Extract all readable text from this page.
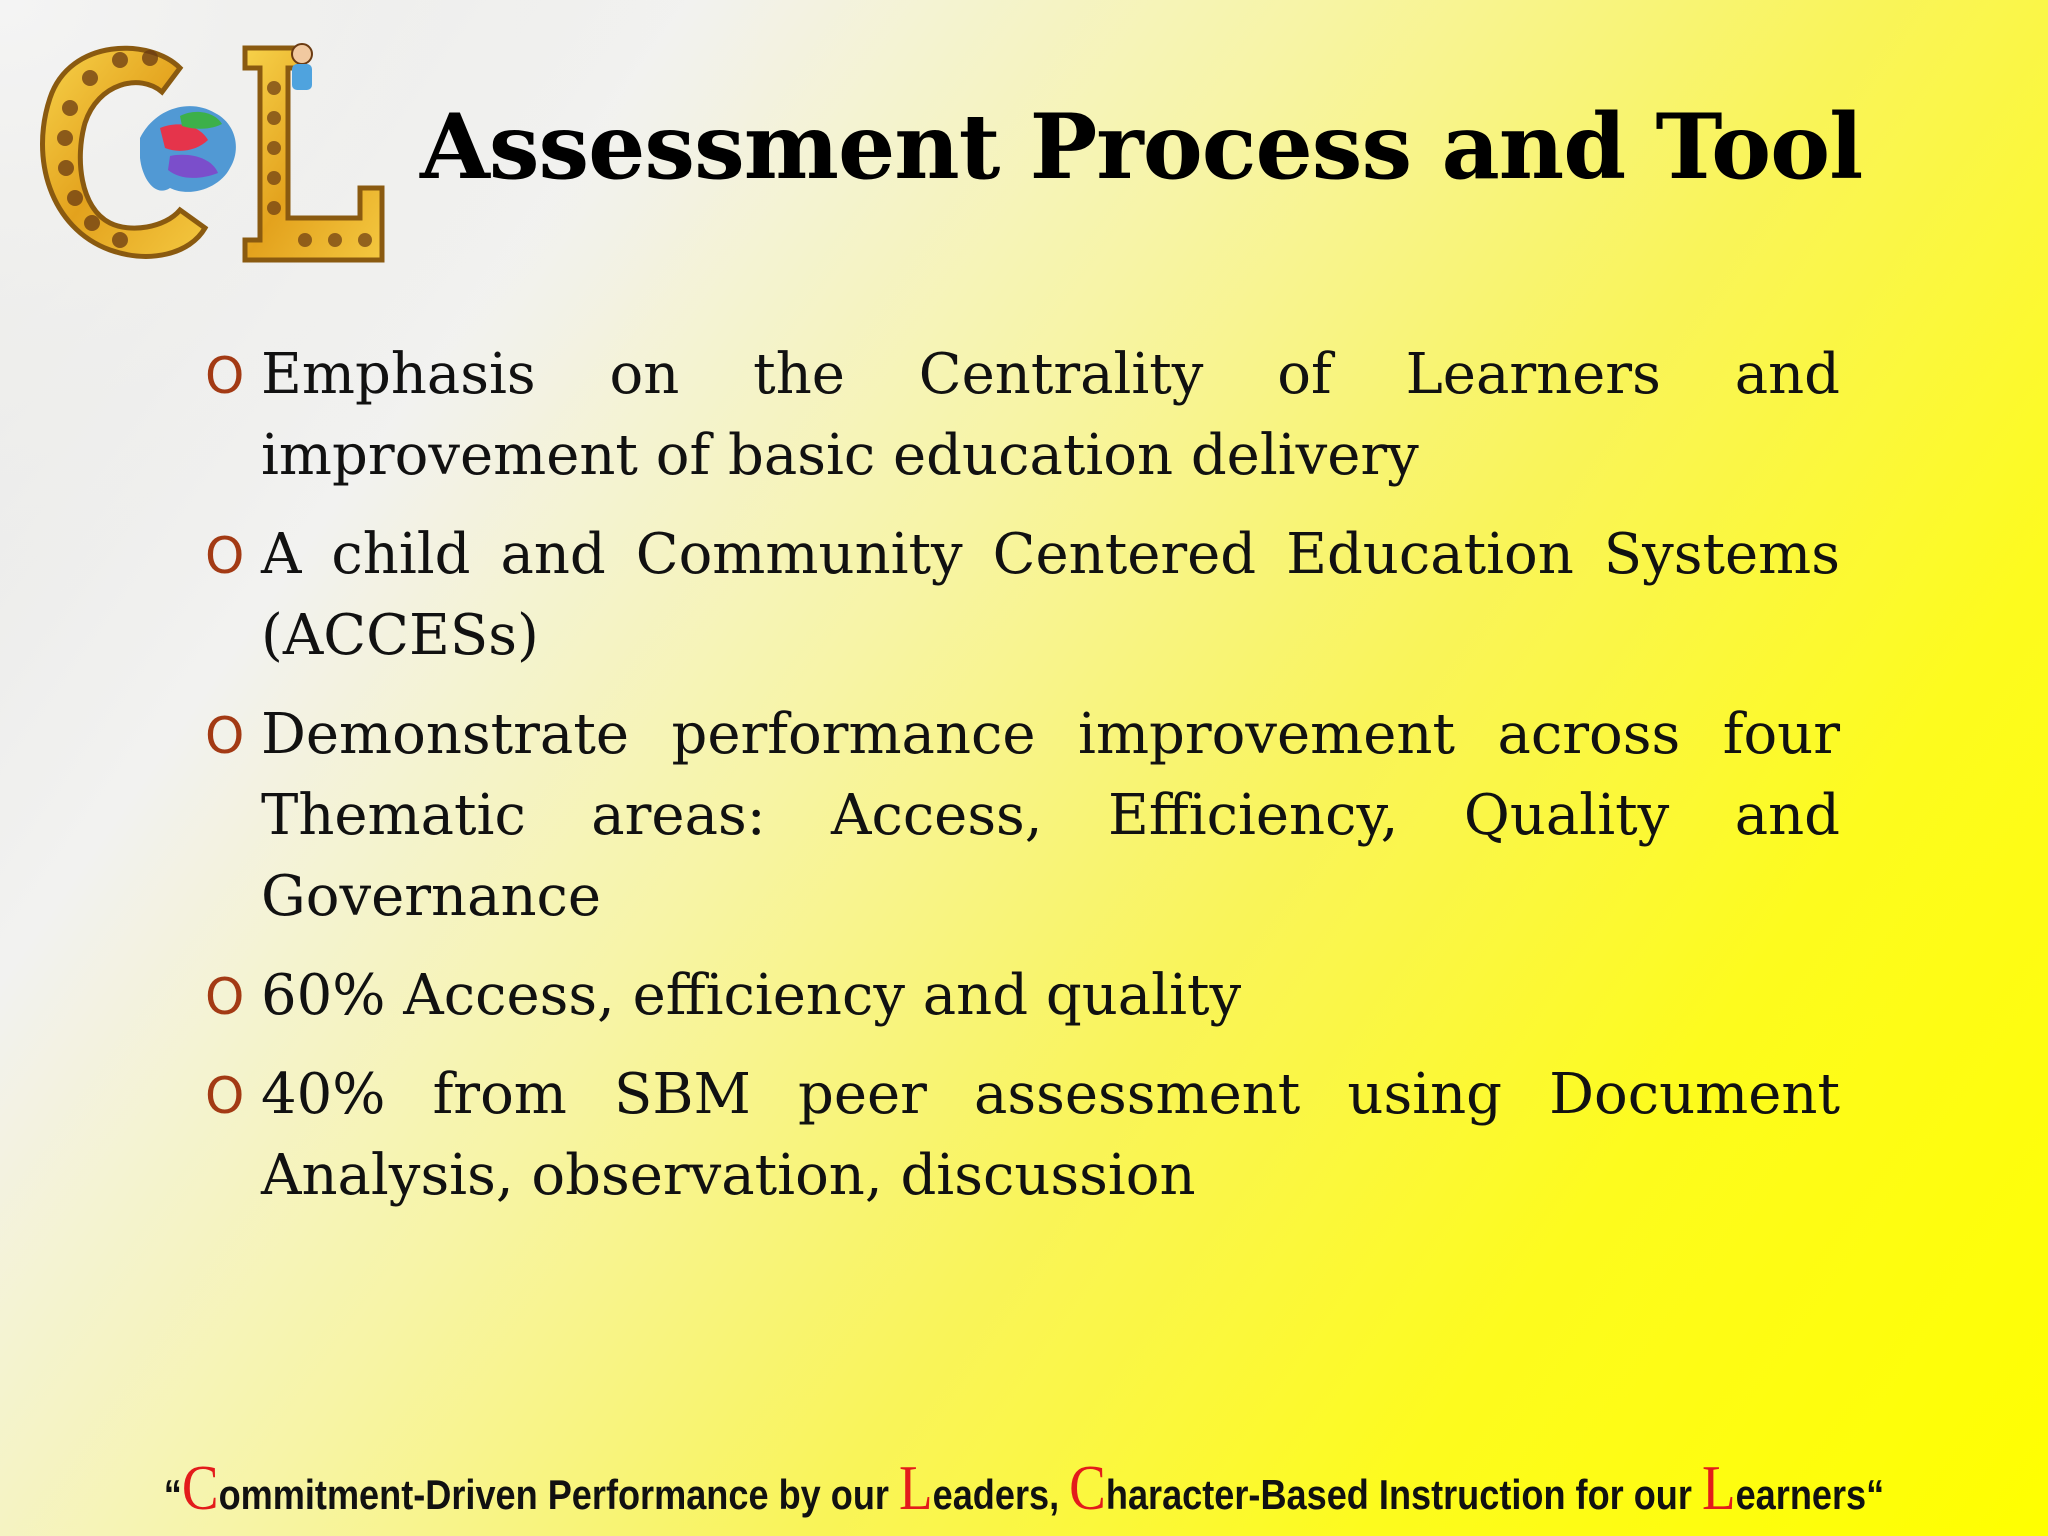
Assessment Process and Tool
O Emphasis on the Centrality of Learners and improvement of basic education delivery
O A child and Community Centered Education Systems (ACCESs)
O Demonstrate performance improvement across four Thematic areas: Access, Efficiency, Quality and Governance
O 60% Access, efficiency and quality
O 40% from SBM peer assessment using Document Analysis, observation, discussion
“Commitment-Driven Performance by our Leaders, Character-Based Instruction for our Learners“
